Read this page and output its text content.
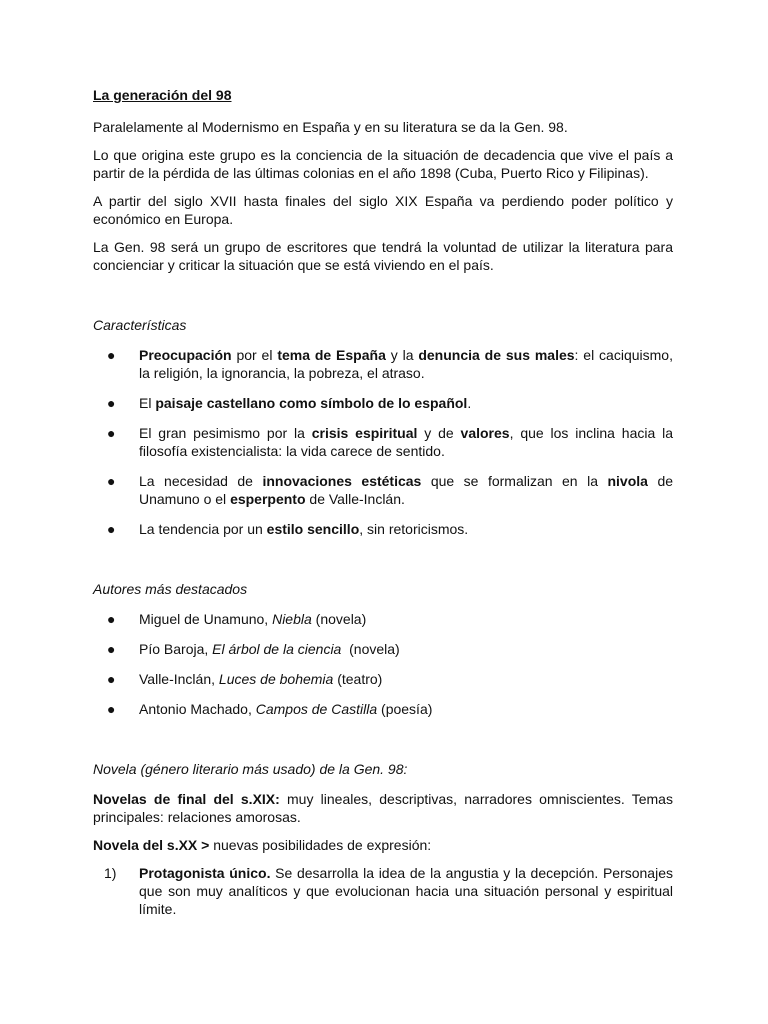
La generación del 98

Paralelamente al Modernismo en España y en su literatura se da la Gen. 98.

Lo que origina este grupo es la conciencia de la situación de decadencia que vive el país a partir de la pérdida de las últimas colonias en el año 1898 (Cuba, Puerto Rico y Filipinas).

A partir del siglo XVII hasta finales del siglo XIX España va perdiendo poder político y económico en Europa.

La Gen. 98 será un grupo de escritores que tendrá la voluntad de utilizar la literatura para concienciar y criticar la situación que se está viviendo en el país.

Características
● Preocupación por el tema de España y la denuncia de sus males: el caciquismo, la religión, la ignorancia, la pobreza, el atraso.
● El paisaje castellano como símbolo de lo español.
● El gran pesimismo por la crisis espiritual y de valores, que los inclina hacia la filosofía existencialista: la vida carece de sentido.
● La necesidad de innovaciones estéticas que se formalizan en la nivola de Unamuno o el esperpento de Valle-Inclán.
● La tendencia por un estilo sencillo, sin retoricismos.
Autores más destacados
● Miguel de Unamuno, Niebla (novela)
● Pío Baroja, El árbol de la ciencia  (novela)
● Valle-Inclán, Luces de bohemia (teatro)
● Antonio Machado, Campos de Castilla (poesía)
Novela (género literario más usado) de la Gen. 98:

Novelas de final del s.XIX: muy lineales, descriptivas, narradores omniscientes. Temas principales: relaciones amorosas.

Novela del s.XX > nuevas posibilidades de expresión:

1) Protagonista único. Se desarrolla la idea de la angustia y la decepción. Personajes que son muy analíticos y que evolucionan hacia una situación personal y espiritual límite.
